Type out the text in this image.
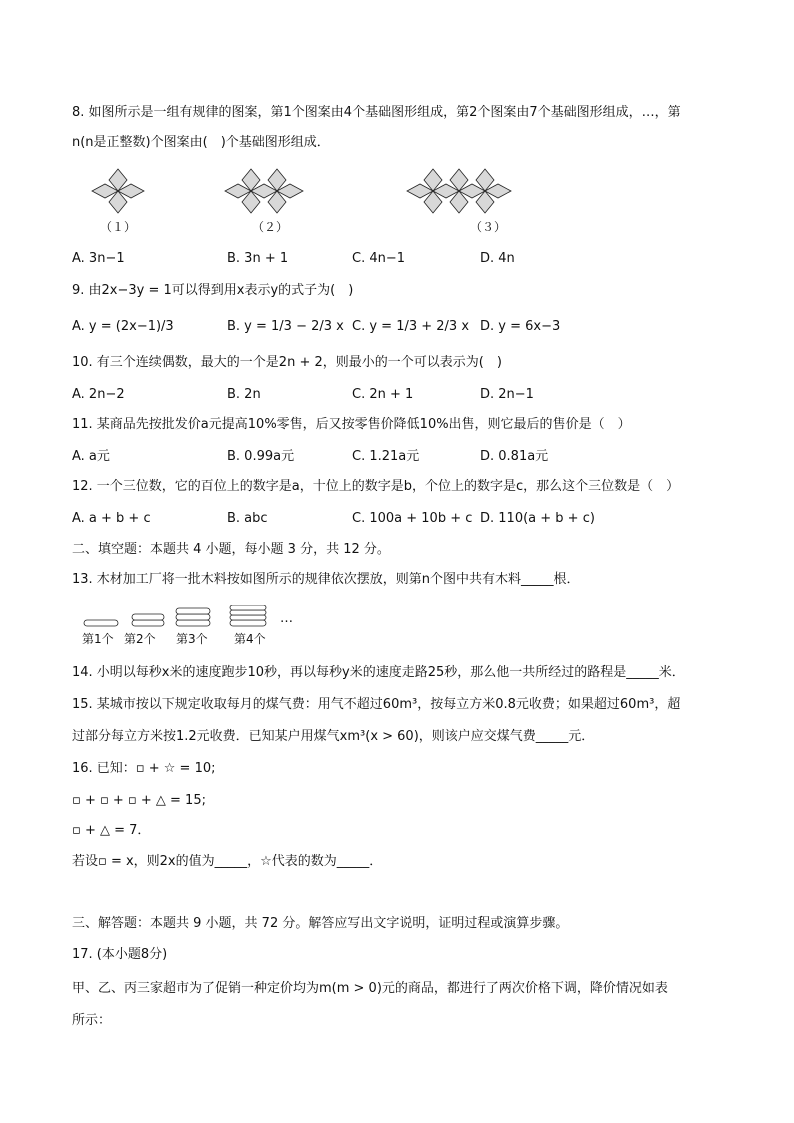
8. 如图所示是一组有规律的图案，第1个图案由4个基础图形组成，第2个图案由7个基础图形组成，…，第
n(n是正整数)个图案由(　)个基础图形组成．
（１）	（２）	（３）
A. 3n−1	B. 3n + 1	C. 4n−1	D. 4n
9. 由2x−3y = 1可以得到用x表示y的式子为(　)
A. y = (2x−1)/3	B. y = 1/3 − 2/3 x C. y = 1/3 + 2/3 x D. y = 6x−3
10. 有三个连续偶数，最大的一个是2n + 2，则最小的一个可以表示为(　)
A. 2n−2	B. 2n	C. 2n + 1	D. 2n−1
11. 某商品先按批发价a元提高10%零售，后又按零售价降低10%出售，则它最后的售价是（　）
A. a元	B. 0.99a元	C. 1.21a元	D. 0.81a元
12. 一个三位数，它的百位上的数字是a，十位上的数字是b，个位上的数字是c，那么这个三位数是（　）
A. a + b + c	B. abc	C. 100a + 10b + c D. 110(a + b + c)
二、填空题：本题共 4 小题，每小题 3 分，共 12 分。
13. 木材加工厂将一批木料按如图所示的规律依次摆放，则第n个图中共有木料_____根．
第1个 第2个 第3个 第4个
…
14. 小明以每秒x米的速度跑步10秒，再以每秒y米的速度走路25秒，那么他一共所经过的路程是_____米．
15. 某城市按以下规定收取每月的煤气费：用气不超过60m³，按每立方米0.8元收费；如果超过60m³，超
过部分每立方米按1.2元收费．已知某户用煤气xm³(x > 60)，则该户应交煤气费_____元．
16. 已知：▫ + ☆ = 10;
▫ + ▫ + ▫ + △ = 15;
▫ + △ = 7．
若设▫ = x，则2x的值为_____，☆代表的数为_____．
三、解答题：本题共 9 小题，共 72 分。解答应写出文字说明，证明过程或演算步骤。
17. (本小题8分)
甲、乙、丙三家超市为了促销一种定价均为m(m > 0)元的商品，都进行了两次价格下调，降价情况如表
所示：
